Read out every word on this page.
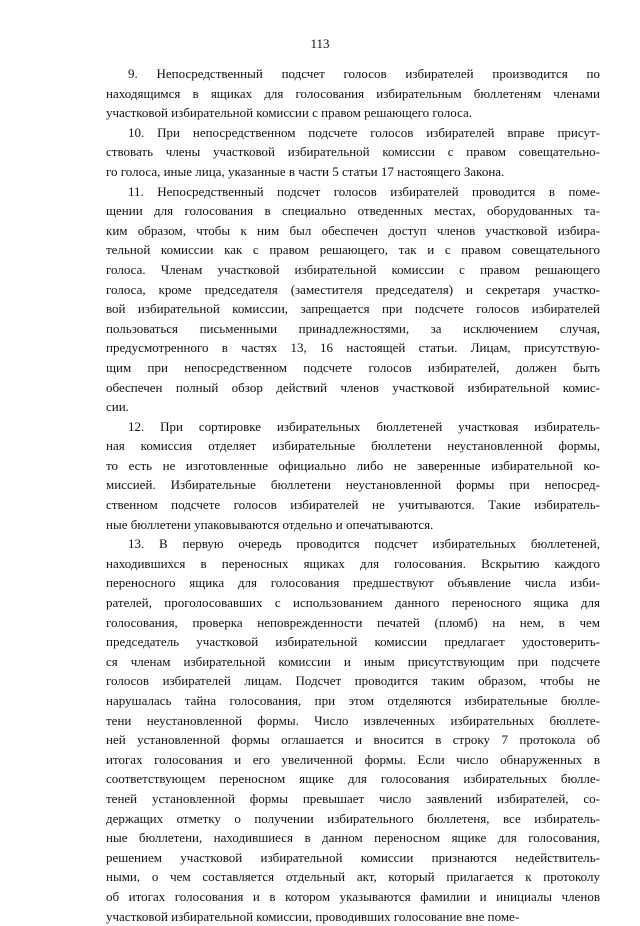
113
9. Непосредственный подсчет голосов избирателей производится по
находящимся в ящиках для голосования избирательным бюллетеням членами
участковой избирательной комиссии с правом решающего голоса.
10. При непосредственном подсчете голосов избирателей вправе присут-
ствовать члены участковой избирательной комиссии с правом совещательно-
го голоса, иные лица, указанные в части 5 статьи 17 настоящего Закона.
11. Непосредственный подсчет голосов избирателей проводится в поме-
щении для голосования в специально отведенных местах, оборудованных та-
ким образом, чтобы к ним был обеспечен доступ членов участковой избира-
тельной комиссии как с правом решающего, так и с правом совещательного
голоса. Членам участковой избирательной комиссии с правом решающего
голоса, кроме председателя (заместителя председателя) и секретаря участко-
вой избирательной комиссии, запрещается при подсчете голосов избирателей
пользоваться письменными принадлежностями, за исключением случая,
предусмотренного в частях 13, 16 настоящей статьи. Лицам, присутствую-
щим при непосредственном подсчете голосов избирателей, должен быть
обеспечен полный обзор действий членов участковой избирательной комис-
сии.
12. При сортировке избирательных бюллетеней участковая избиратель-
ная комиссия отделяет избирательные бюллетени неустановленной формы,
то есть не изготовленные официально либо не заверенные избирательной ко-
миссией. Избирательные бюллетени неустановленной формы при непосред-
ственном подсчете голосов избирателей не учитываются. Такие избиратель-
ные бюллетени упаковываются отдельно и опечатываются.
13. В первую очередь проводится подсчет избирательных бюллетеней,
находившихся в переносных ящиках для голосования. Вскрытию каждого
переносного ящика для голосования предшествуют объявление числа изби-
рателей, проголосовавших с использованием данного переносного ящика для
голосования, проверка неповрежденности печатей (пломб) на нем, в чем
председатель участковой избирательной комиссии предлагает удостоверить-
ся членам избирательной комиссии и иным присутствующим при подсчете
голосов избирателей лицам. Подсчет проводится таким образом, чтобы не
нарушалась тайна голосования, при этом отделяются избирательные бюлле-
тени неустановленной формы. Число извлеченных избирательных бюллете-
ней установленной формы оглашается и вносится в строку 7 протокола об
итогах голосования и его увеличенной формы. Если число обнаруженных в
соответствующем переносном ящике для голосования избирательных бюлле-
теней установленной формы превышает число заявлений избирателей, со-
держащих отметку о получении избирательного бюллетеня, все избиратель-
ные бюллетени, находившиеся в данном переносном ящике для голосования,
решением участковой избирательной комиссии признаются недействитель-
ными, о чем составляется отдельный акт, который прилагается к протоколу
об итогах голосования и в котором указываются фамилии и инициалы членов
участковой избирательной комиссии, проводивших голосование вне поме-
